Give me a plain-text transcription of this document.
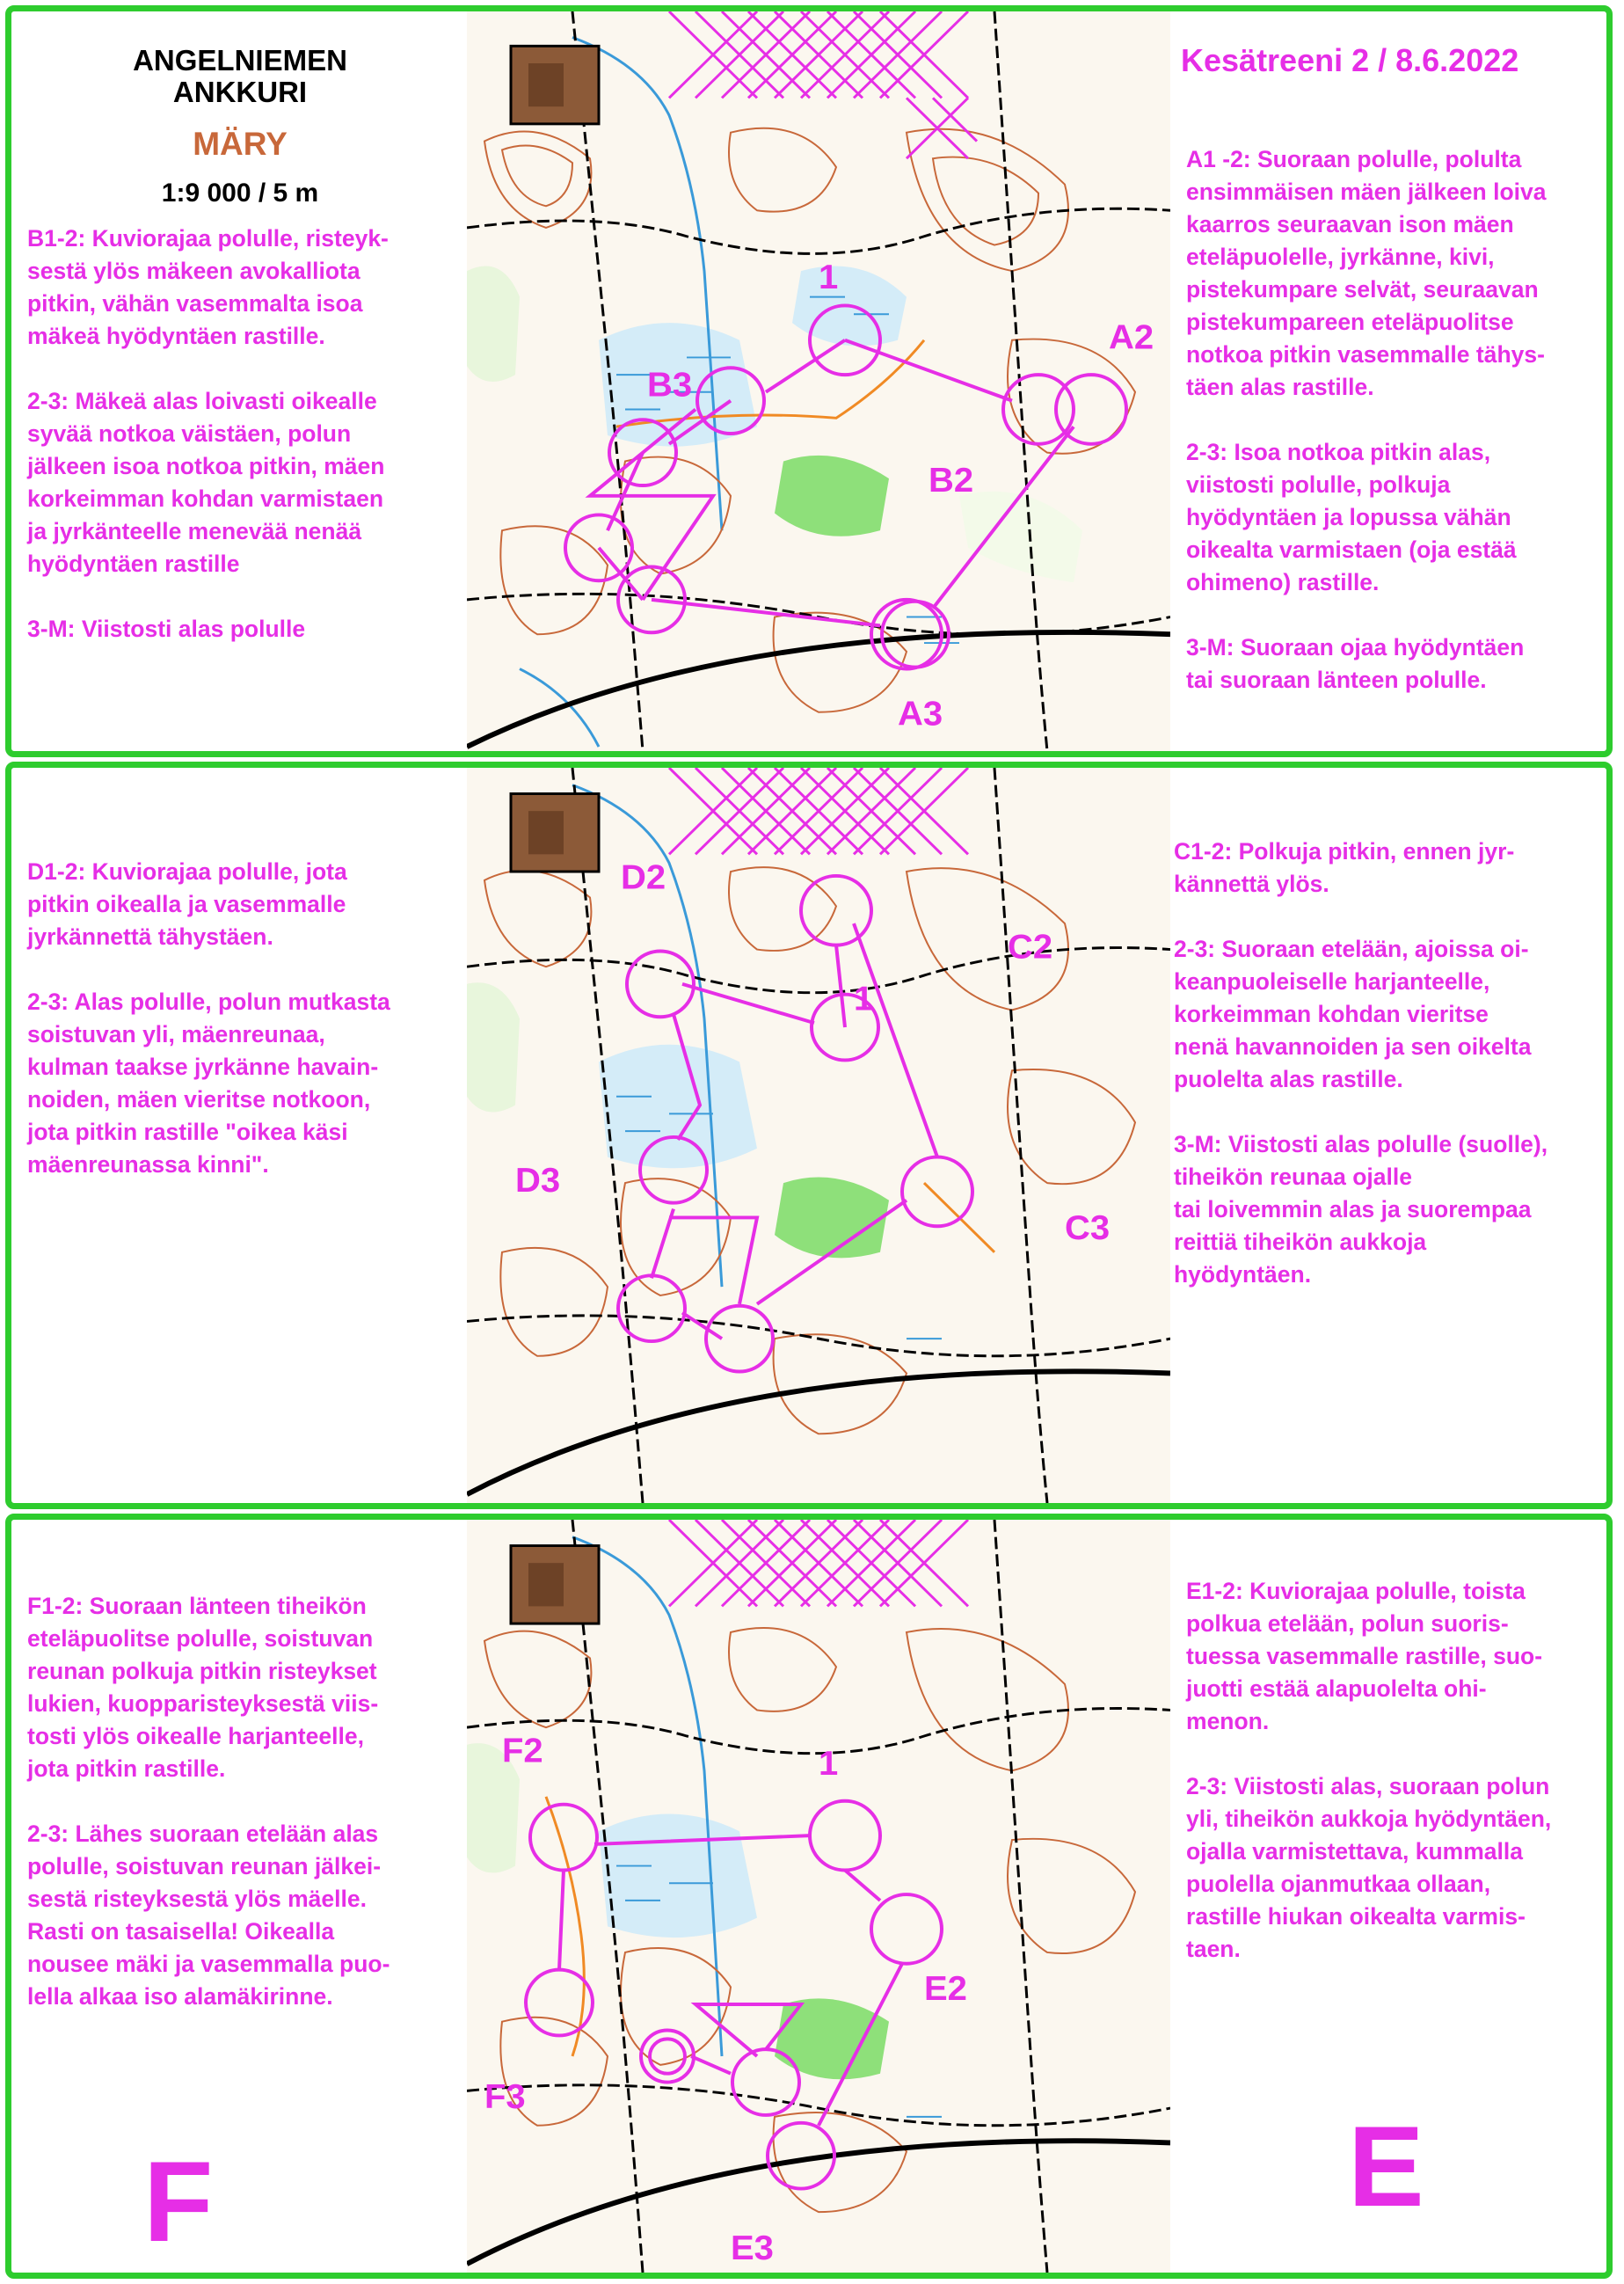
1
A2
B3
B2
A3
ANGELNIEMEN
ANKKURI
MÄRY
1:9 000 / 5 m
Kesätreeni 2 / 8.6.2022
B1-2: Kuviorajaa polulle, risteyk-
sestä ylös mäkeen avokalliota
pitkin, vähän vasemmalta isoa
mäkeä hyödyntäen rastille.

2-3: Mäkeä alas loivasti oikealle
syvää notkoa väistäen, polun
jälkeen isoa notkoa pitkin, mäen
korkeimman kohdan varmistaen
ja jyrkänteelle menevää nenää
hyödyntäen rastille

3-M: Viistosti alas polulle
A1 -2: Suoraan polulle, polulta
ensimmäisen mäen jälkeen loiva
kaarros seuraavan ison mäen
eteläpuolelle, jyrkänne, kivi,
pistekumpare selvät, seuraavan
pistekumpareen eteläpuolitse
notkoa pitkin vasemmalle tähys-
täen alas rastille.

2-3: Isoa notkoa pitkin alas,
viistosti polulle, polkuja
hyödyntäen ja lopussa vähän
oikealta varmistaen (oja estää
ohimeno) rastille.

3-M: Suoraan ojaa hyödyntäen
tai suoraan länteen polulle.
D2
C2
1
D3
C3
D1-2: Kuviorajaa polulle, jota
pitkin oikealla ja vasemmalle
jyrkännettä tähystäen.

2-3: Alas polulle, polun mutkasta
soistuvan yli, mäenreunaa,
kulman taakse jyrkänne havain-
noiden, mäen vieritse notkoon,
jota pitkin rastille "oikea käsi
mäenreunassa kinni".
C1-2: Polkuja pitkin, ennen jyr-
kännettä ylös.

2-3: Suoraan etelään, ajoissa oi-
keanpuoleiselle harjanteelle,
korkeimman kohdan vieritse
nenä havannoiden ja sen oikelta
puolelta alas rastille.

3-M: Viistosti alas polulle (suolle),
tiheikön reunaa ojalle
tai loivemmin alas ja suorempaa
reittiä tiheikön aukkoja
hyödyntäen.
F2	1
E2
F3
E3
F1-2: Suoraan länteen tiheikön
eteläpuolitse polulle, soistuvan
reunan polkuja pitkin risteykset
lukien, kuopparisteyksestä viis-
tosti ylös oikealle harjanteelle,
jota pitkin rastille.

2-3: Lähes suoraan etelään alas
polulle, soistuvan reunan jälkei-
sestä risteyksestä ylös mäelle.
Rasti on tasaisella! Oikealla
nousee mäki ja vasemmalla puo-
lella alkaa iso alamäkirinne.
E1-2: Kuviorajaa polulle, toista
polkua etelään, polun suoris-
tuessa vasemmalle rastille, suo-
juotti estää alapuolelta ohi-
menon.

2-3: Viistosti alas, suoraan polun
yli, tiheikön aukkoja hyödyntäen,
ojalla varmistettava, kummalla
puolella ojanmutkaa ollaan,
rastille hiukan oikealta varmis-
taen.
F	E
